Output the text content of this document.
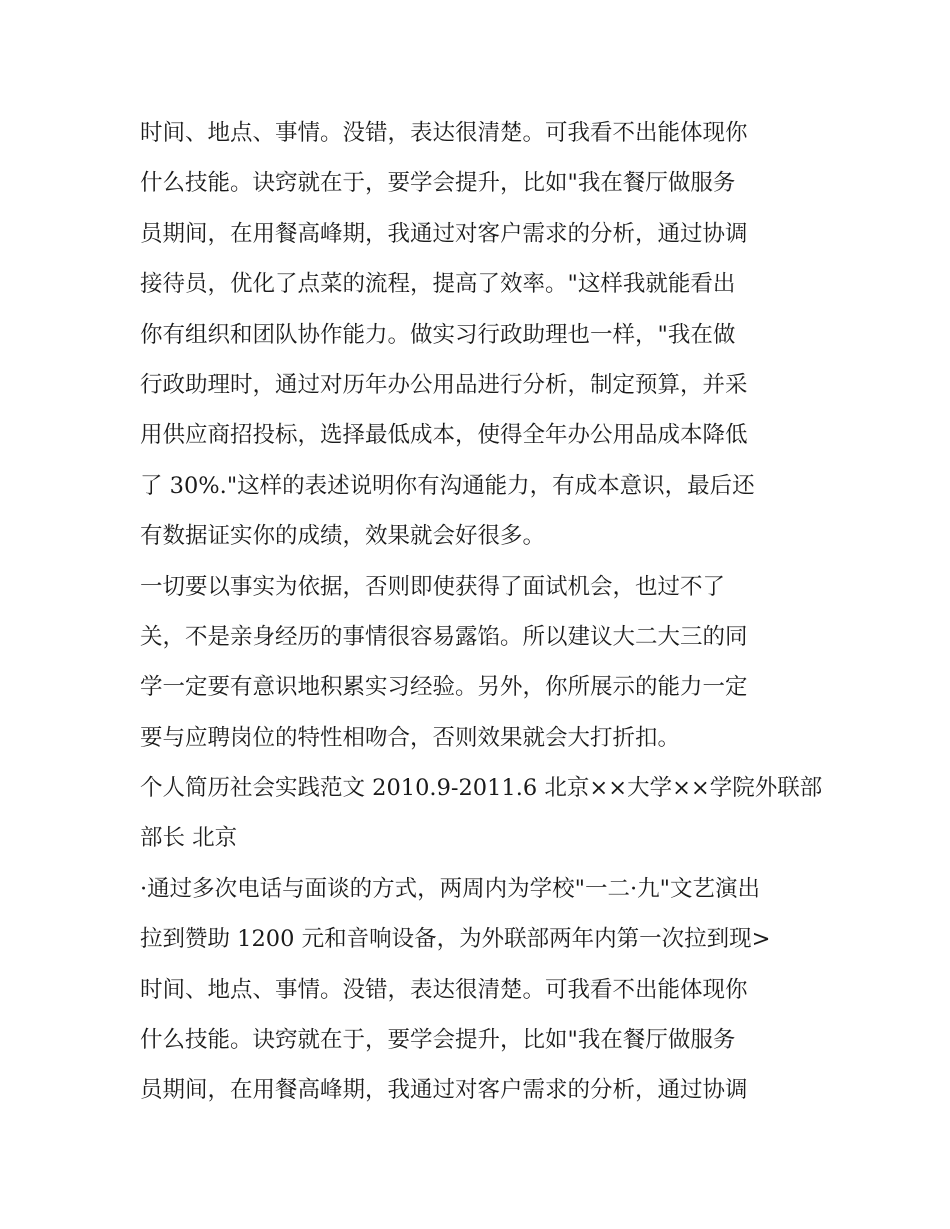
时间、地点、事情。没错，表达很清楚。可我看不出能体现你
什么技能。诀窍就在于，要学会提升，比如"我在餐厅做服务
员期间，在用餐高峰期，我通过对客户需求的分析，通过协调
接待员，优化了点菜的流程，提高了效率。"这样我就能看出
你有组织和团队协作能力。做实习行政助理也一样，"我在做
行政助理时，通过对历年办公用品进行分析，制定预算，并采
用供应商招投标，选择最低成本，使得全年办公用品成本降低
了 30%."这样的表述说明你有沟通能力，有成本意识，最后还
有数据证实你的成绩，效果就会好很多。
一切要以事实为依据，否则即使获得了面试机会，也过不了
关，不是亲身经历的事情很容易露馅。所以建议大二大三的同
学一定要有意识地积累实习经验。另外，你所展示的能力一定
要与应聘岗位的特性相吻合，否则效果就会大打折扣。
个人简历社会实践范文 2010.9-2011.6 北京××大学××学院外联部
部长 北京
·通过多次电话与面谈的方式，两周内为学校"一二·九"文艺演出
拉到赞助 1200 元和音响设备，为外联部两年内第一次拉到现>
时间、地点、事情。没错，表达很清楚。可我看不出能体现你
什么技能。诀窍就在于，要学会提升，比如"我在餐厅做服务
员期间，在用餐高峰期，我通过对客户需求的分析，通过协调
